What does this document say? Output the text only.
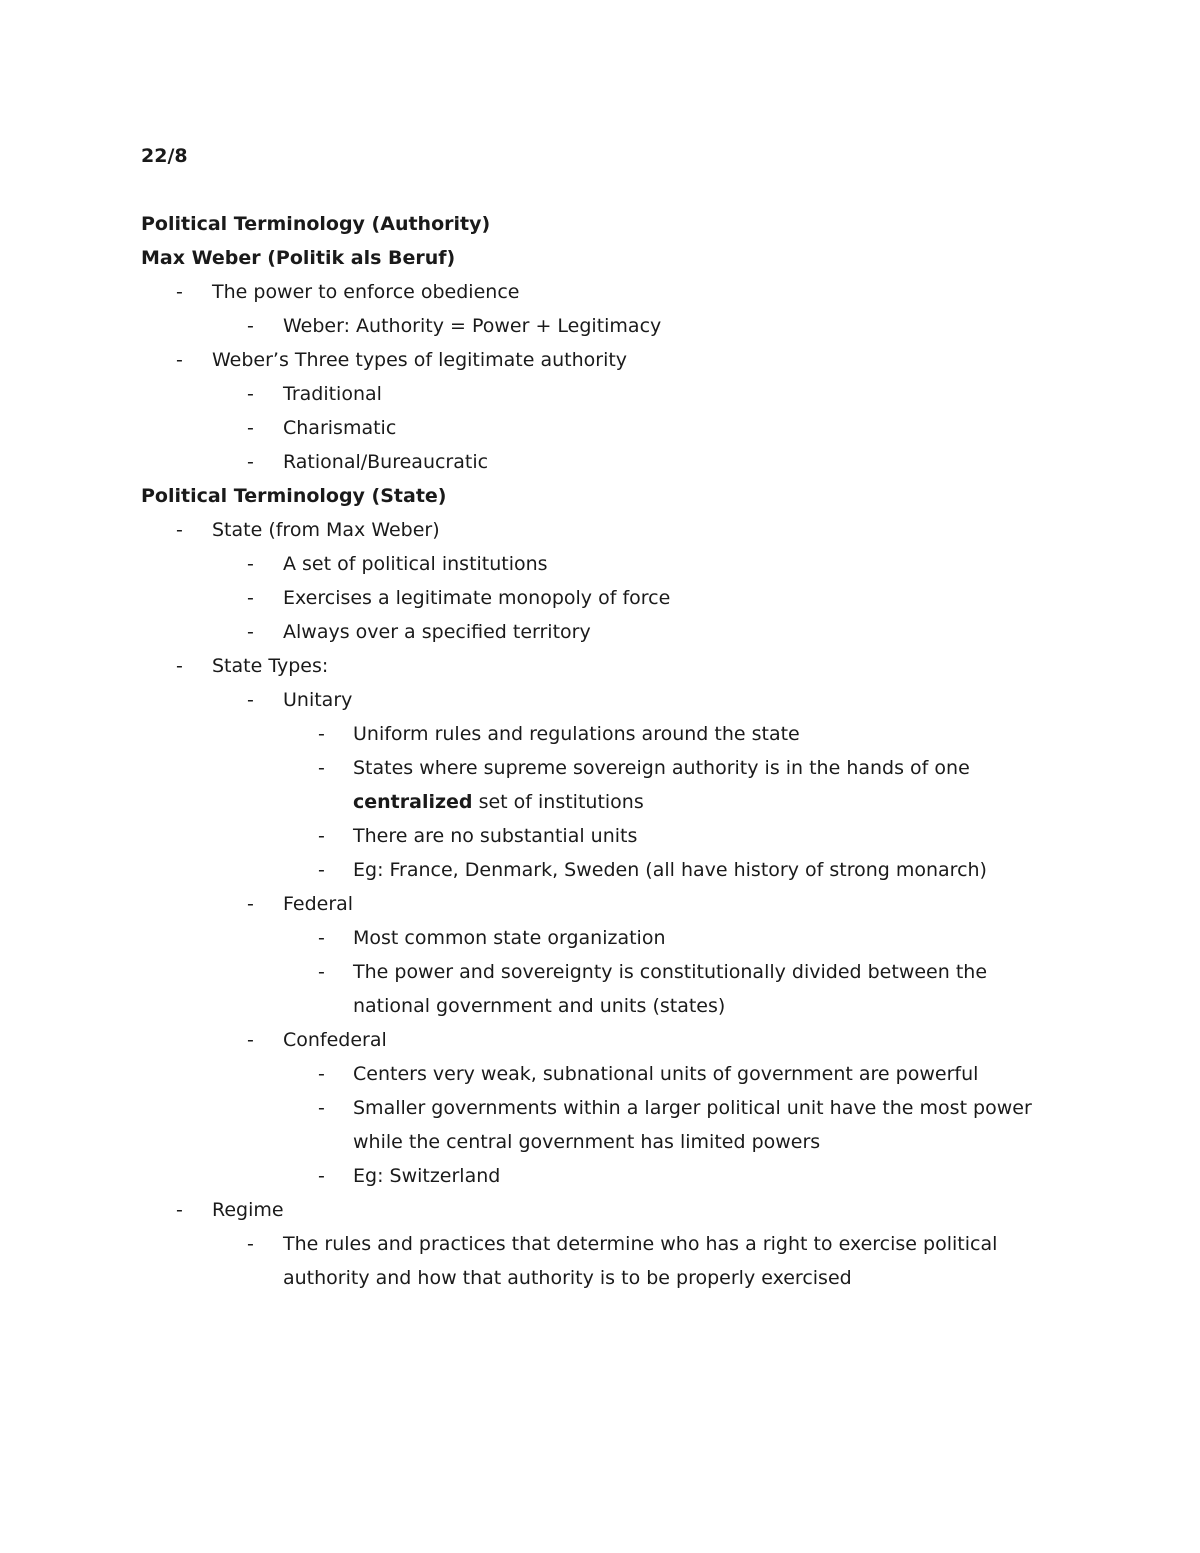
22/8
Political Terminology (Authority)
Max Weber (Politik als Beruf)
-	The power to enforce obedience
-	Weber: Authority = Power + Legitimacy
-	Weber’s Three types of legitimate authority
-	Traditional
-	Charismatic
-	Rational/Bureaucratic
Political Terminology (State)
-	State (from Max Weber)
-	A set of political institutions
-	Exercises a legitimate monopoly of force
-	Always over a specified territory
-	State Types:
-	Unitary
-	Uniform rules and regulations around the state
-	States where supreme sovereign authority is in the hands of one
centralized set of institutions
-	There are no substantial units
-	Eg: France, Denmark, Sweden (all have history of strong monarch)
-	Federal
-	Most common state organization
-	The power and sovereignty is constitutionally divided between the
national government and units (states)
-	Confederal
-	Centers very weak, subnational units of government are powerful
-	Smaller governments within a larger political unit have the most power
while the central government has limited powers
-	Eg: Switzerland
-	Regime
-	The rules and practices that determine who has a right to exercise political
authority and how that authority is to be properly exercised
